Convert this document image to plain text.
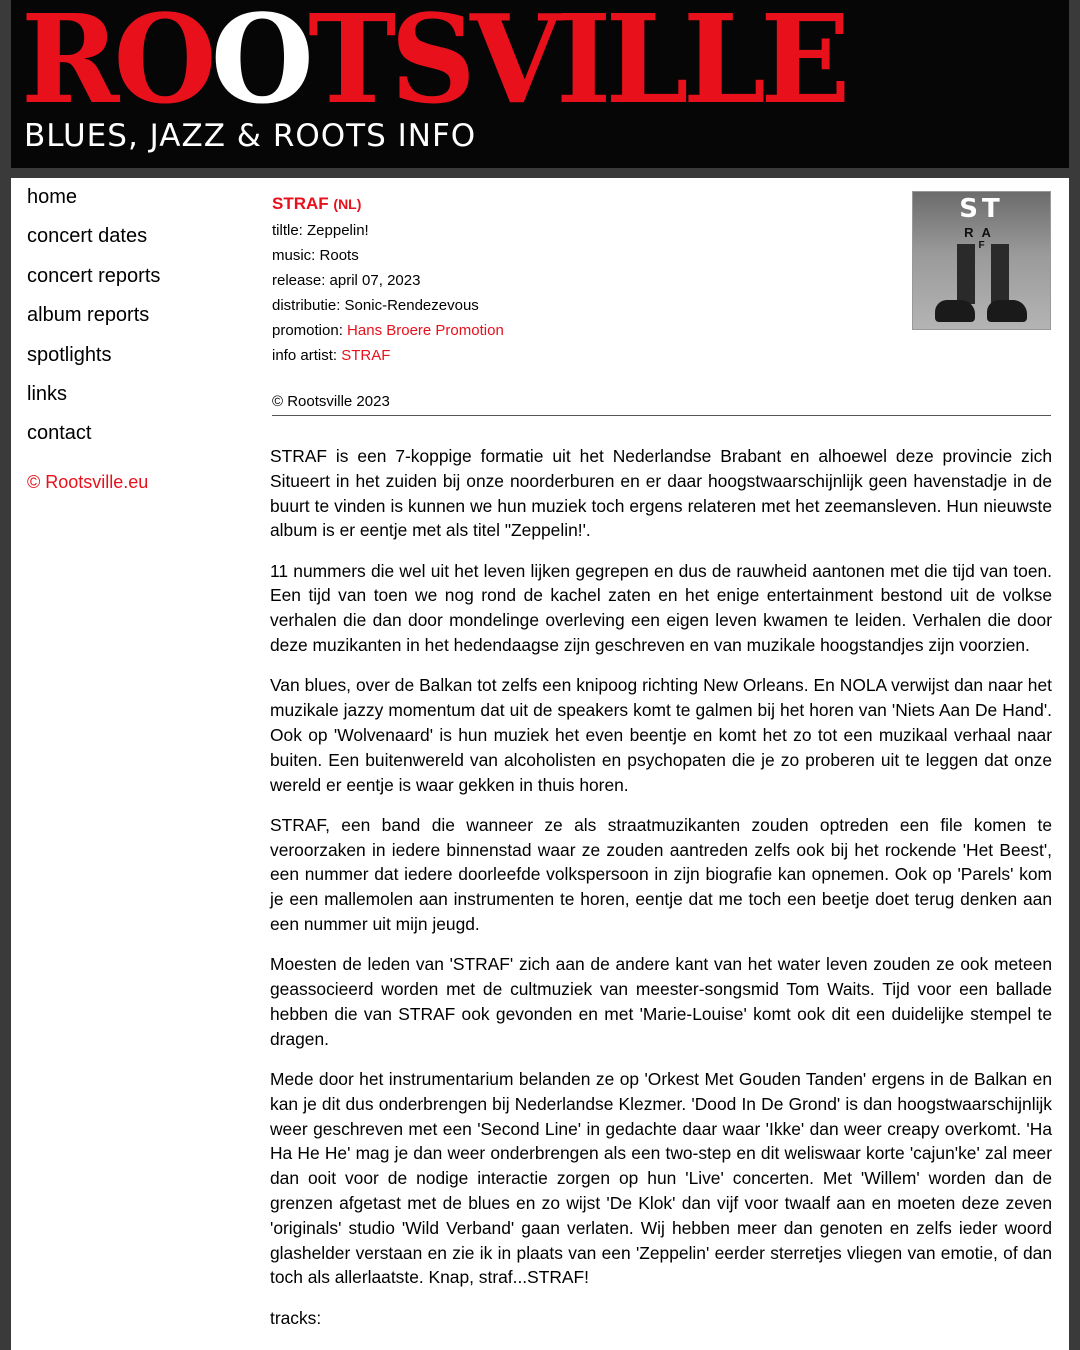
ROOTSVILLE
BLUES, JAZZ & ROOTS INFO
home
concert dates
concert reports
album reports
spotlights
links
contact
© Rootsville.eu
STRAF (NL)
tiltle: Zeppelin!
music: Roots
release: april 07, 2023
distributie: Sonic-Rendezevous
promotion: Hans Broere Promotion
info artist: STRAF
ST
RA
F
© Rootsville 2023

STRAF is een 7-koppige formatie uit het Nederlandse Brabant en alhoewel deze provincie zich Situeert in het zuiden bij onze noorderburen en er daar hoogstwaarschijnlijk geen havenstadje in de buurt te vinden is kunnen we hun muziek toch ergens relateren met het zeemansleven. Hun nieuwste album is er eentje met als titel "Zeppelin!'.

11 nummers die wel uit het leven lijken gegrepen en dus de rauwheid aantonen met die tijd van toen. Een tijd van toen we nog rond de kachel zaten en het enige entertainment bestond uit de volkse verhalen die dan door mondelinge overleving een eigen leven kwamen te leiden. Verhalen die door deze muzikanten in het hedendaagse zijn geschreven en van muzikale hoogstandjes zijn voorzien.

Van blues, over de Balkan tot zelfs een knipoog richting New Orleans. En NOLA verwijst dan naar het muzikale jazzy momentum dat uit de speakers komt te galmen bij het horen van 'Niets Aan De Hand'. Ook op 'Wolvenaard' is hun muziek het even beentje en komt het zo tot een muzikaal verhaal naar buiten. Een buitenwereld van alcoholisten en psychopaten die je zo proberen uit te leggen dat onze wereld er eentje is waar gekken in thuis horen.

STRAF, een band die wanneer ze als straatmuzikanten zouden optreden een file komen te veroorzaken in iedere binnenstad waar ze zouden aantreden zelfs ook bij het rockende 'Het Beest', een nummer dat iedere doorleefde volkspersoon in zijn biografie kan opnemen. Ook op 'Parels' kom je een mallemolen aan instrumenten te horen, eentje dat me toch een beetje doet terug denken aan een nummer uit mijn jeugd.

Moesten de leden van 'STRAF' zich aan de andere kant van het water leven zouden ze ook meteen geassocieerd worden met de cultmuziek van meester-songsmid Tom Waits. Tijd voor een ballade hebben die van STRAF ook gevonden en met 'Marie-Louise' komt ook dit een duidelijke stempel te dragen.

Mede door het instrumentarium belanden ze op 'Orkest Met Gouden Tanden' ergens in de Balkan en kan je dit dus onderbrengen bij Nederlandse Klezmer. 'Dood In De Grond' is dan hoogstwaarschijnlijk weer geschreven met een 'Second Line' in gedachte daar waar 'Ikke' dan weer creapy overkomt. 'Ha Ha He He' mag je dan weer onderbrengen als een two-step en dit weliswaar korte 'cajun'ke' zal meer dan ooit voor de nodige interactie zorgen op hun 'Live' concerten. Met 'Willem' worden dan de grenzen afgetast met de blues en zo wijst 'De Klok' dan vijf voor twaalf aan en moeten deze zeven 'originals' studio 'Wild Verband' gaan verlaten. Wij hebben meer dan genoten en zelfs ieder woord glashelder verstaan en zie ik in plaats van een 'Zeppelin' eerder sterretjes vliegen van emotie, of dan toch als allerlaatste. Knap, straf...STRAF!

tracks:
